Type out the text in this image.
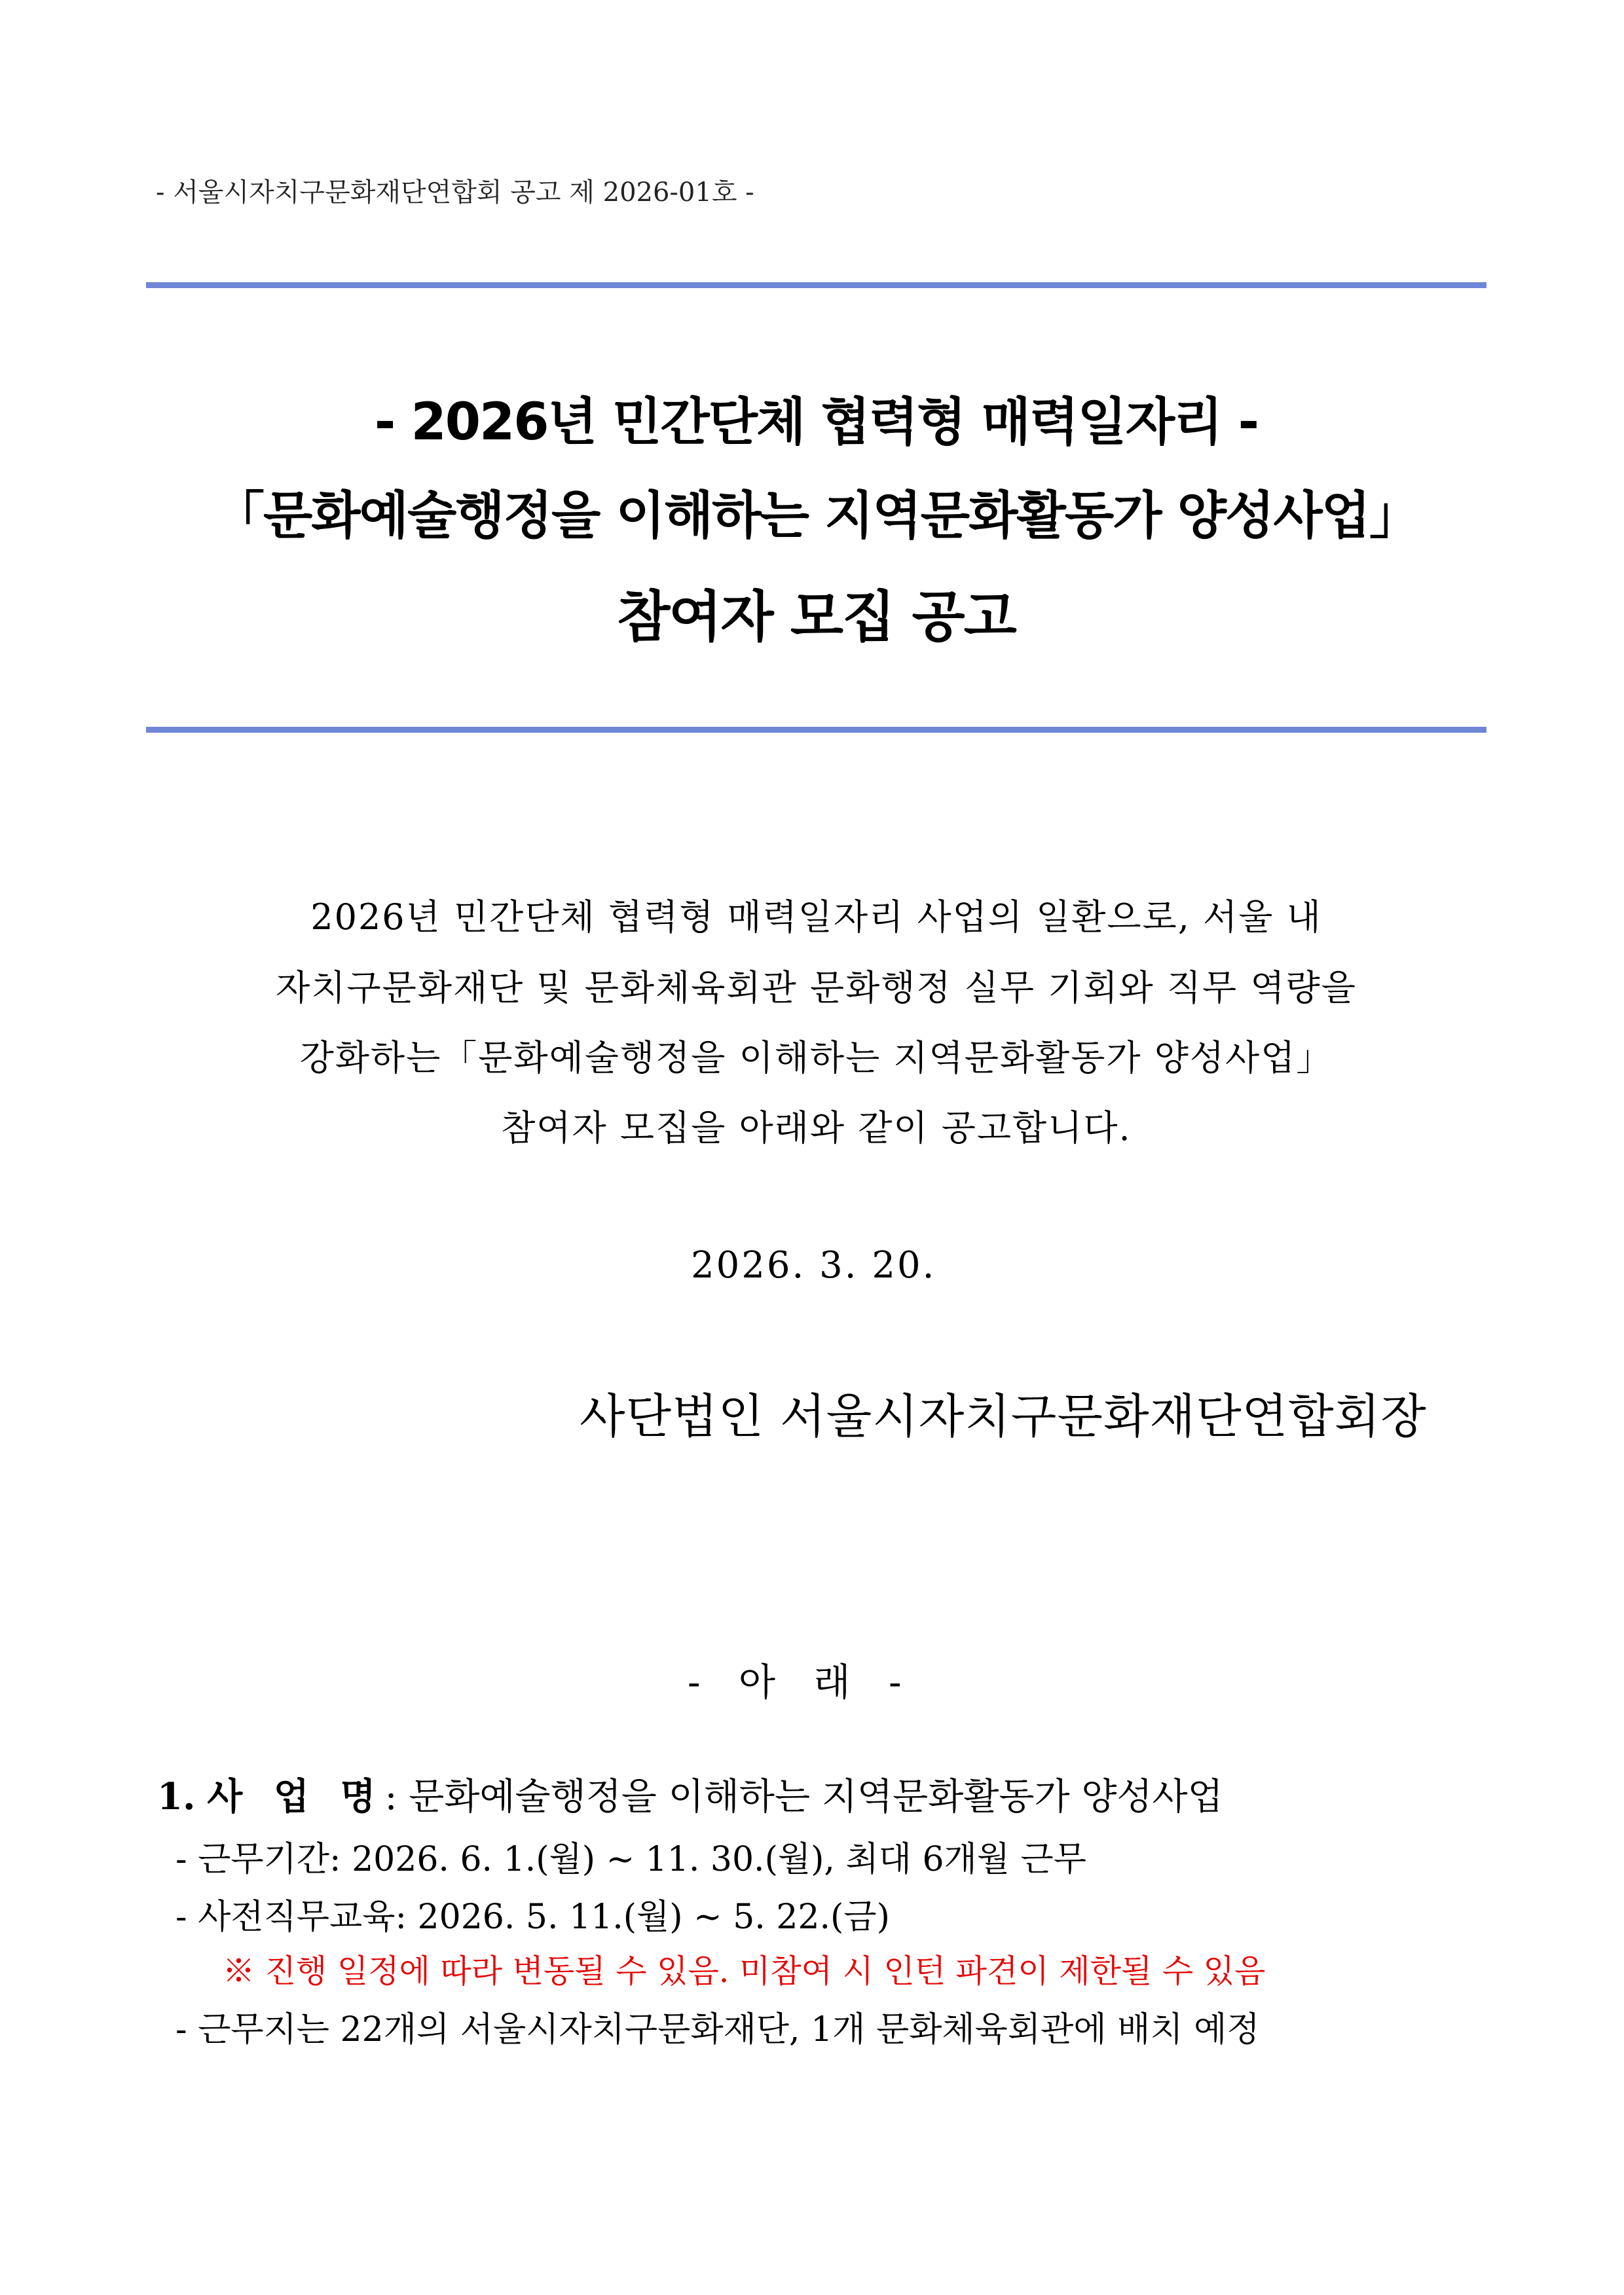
- 서울시자치구문화재단연합회 공고 제 2026-01호 -
- 2026년 민간단체 협력형 매력일자리 -
「문화예술행정을 이해하는 지역문화활동가 양성사업」
참여자 모집 공고
2026년 민간단체 협력형 매력일자리 사업의 일환으로, 서울 내
자치구문화재단 및 문화체육회관 문화행정 실무 기회와 직무 역량을
강화하는「문화예술행정을 이해하는 지역문화활동가 양성사업」
참여자 모집을 아래와 같이 공고합니다.
2026. 3. 20.
사단법인 서울시자치구문화재단연합회장
- 아 래 -
1. 사 업 명: 문화예술행정을 이해하는 지역문화활동가 양성사업
- 근무기간: 2026. 6. 1.(월) ~ 11. 30.(월), 최대 6개월 근무
- 사전직무교육: 2026. 5. 11.(월) ~ 5. 22.(금)
※ 진행 일정에 따라 변동될 수 있음. 미참여 시 인턴 파견이 제한될 수 있음
- 근무지는 22개의 서울시자치구문화재단, 1개 문화체육회관에 배치 예정
